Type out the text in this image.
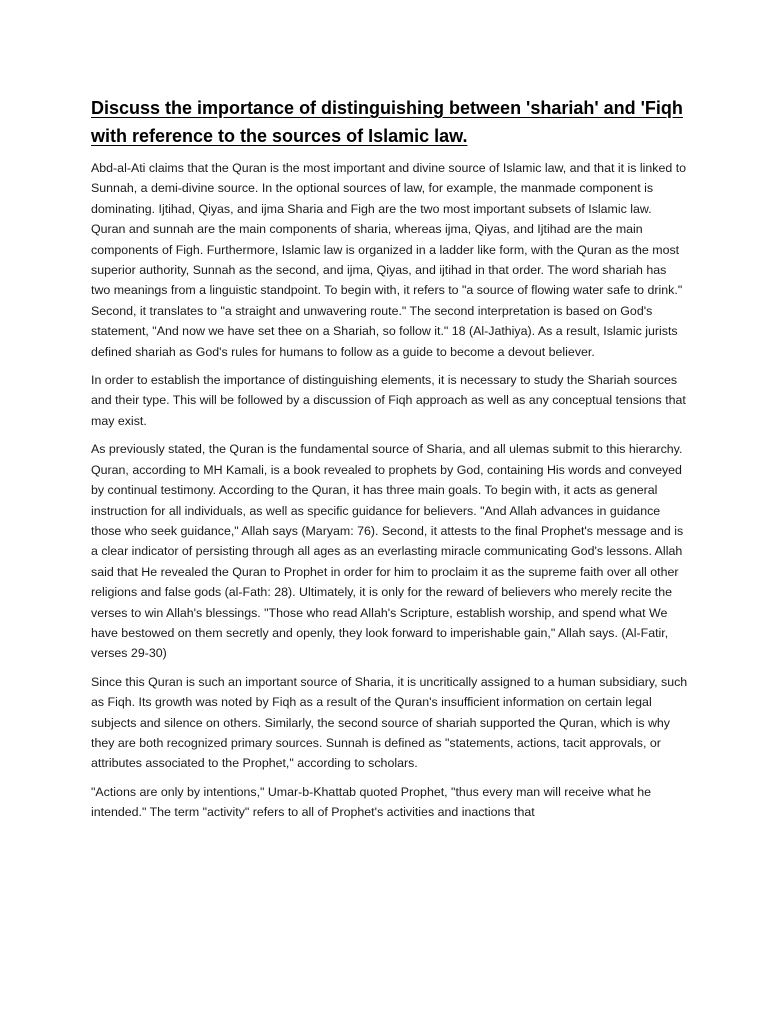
Discuss the importance of distinguishing between 'shariah' and 'Fiqh with reference to the sources of Islamic law.

Abd-al-Ati claims that the Quran is the most important and divine source of Islamic law, and that it is linked to Sunnah, a demi-divine source. In the optional sources of law, for example, the manmade component is dominating. Ijtihad, Qiyas, and ijma Sharia and Figh are the two most important subsets of Islamic law. Quran and sunnah are the main components of sharia, whereas ijma, Qiyas, and Ijtihad are the main components of Figh. Furthermore, Islamic law is organized in a ladder like form, with the Quran as the most superior authority, Sunnah as the second, and ijma, Qiyas, and ijtihad in that order. The word shariah has two meanings from a linguistic standpoint. To begin with, it refers to "a source of flowing water safe to drink." Second, it translates to "a straight and unwavering route." The second interpretation is based on God's statement, "And now we have set thee on a Shariah, so follow it." 18 (Al-Jathiya). As a result, Islamic jurists defined shariah as God's rules for humans to follow as a guide to become a devout believer.

In order to establish the importance of distinguishing elements, it is necessary to study the Shariah sources and their type. This will be followed by a discussion of Fiqh approach as well as any conceptual tensions that may exist.

As previously stated, the Quran is the fundamental source of Sharia, and all ulemas submit to this hierarchy. Quran, according to MH Kamali, is a book revealed to prophets by God, containing His words and conveyed by continual testimony. According to the Quran, it has three main goals. To begin with, it acts as general instruction for all individuals, as well as specific guidance for believers. "And Allah advances in guidance those who seek guidance," Allah says (Maryam: 76). Second, it attests to the final Prophet's message and is a clear indicator of persisting through all ages as an everlasting miracle communicating God's lessons. Allah said that He revealed the Quran to Prophet in order for him to proclaim it as the supreme faith over all other religions and false gods (al-Fath: 28). Ultimately, it is only for the reward of believers who merely recite the verses to win Allah's blessings. "Those who read Allah's Scripture, establish worship, and spend what We have bestowed on them secretly and openly, they look forward to imperishable gain," Allah says. (Al-Fatir, verses 29-30)

Since this Quran is such an important source of Sharia, it is uncritically assigned to a human subsidiary, such as Fiqh. Its growth was noted by Fiqh as a result of the Quran's insufficient information on certain legal subjects and silence on others. Similarly, the second source of shariah supported the Quran, which is why they are both recognized primary sources. Sunnah is defined as "statements, actions, tacit approvals, or attributes associated to the Prophet," according to scholars.

"Actions are only by intentions," Umar-b-Khattab quoted Prophet, "thus every man will receive what he intended." The term "activity" refers to all of Prophet's activities and inactions that
